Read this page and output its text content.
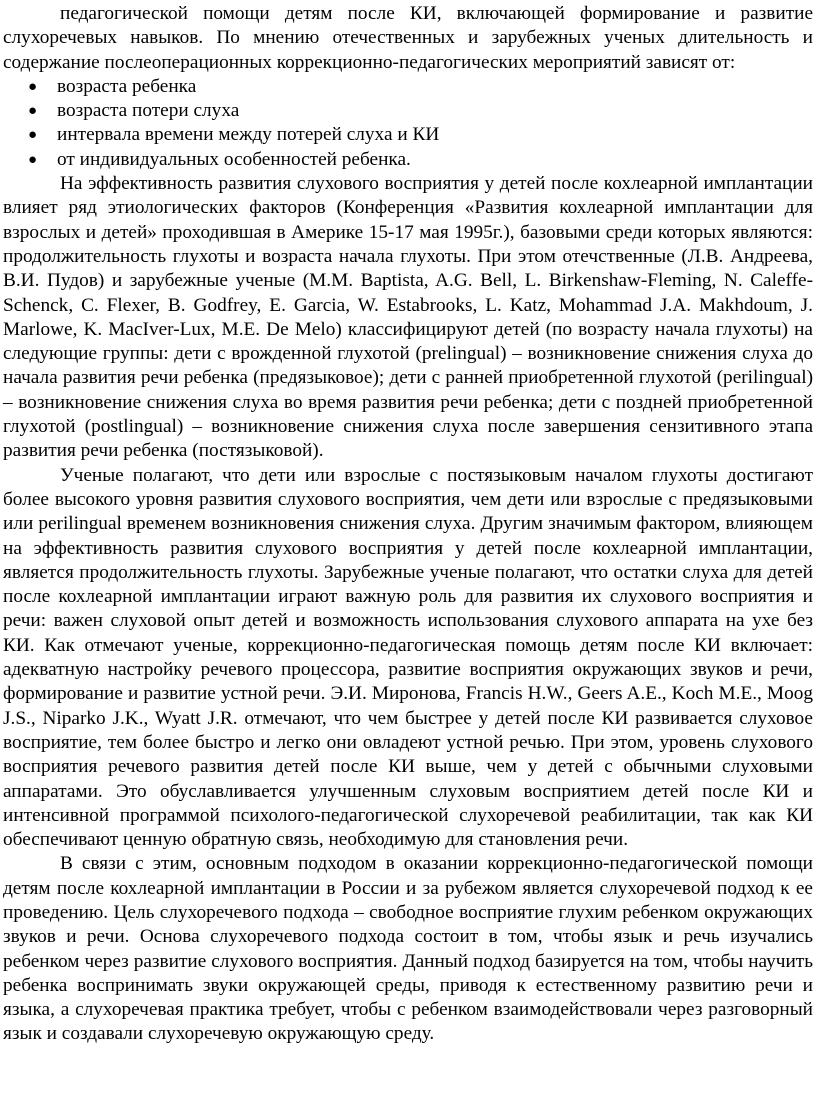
педагогической помощи детям после КИ, включающей формирование и развитие слухоречевых навыков. По мнению отечественных и зарубежных ученых длительность и содержание послеоперационных коррекционно-педагогических мероприятий зависят от:

● возраста ребенка
● возраста потери слуха
● интервала времени между потерей слуха и КИ
● от индивидуальных особенностей ребенка.

На эффективность развития слухового восприятия у детей после кохлеарной имплантации влияет ряд этиологических факторов (Конференция «Развития кохлеарной имплантации для взрослых и детей» проходившая в Америке 15-17 мая 1995г.), базовыми среди которых являются: продолжительность глухоты и возраста начала глухоты. При этом отечственные (Л.В. Андреева, В.И. Пудов) и зарубежные ученые (M.M. Baptista, A.G. Bell, L. Birkenshaw-Fleming, N. Caleffe-Schenck, C. Flexer, B. Godfrey, E. Garcia, W. Estabrooks, L. Katz, Mohammad J.A. Makhdoum, J. Marlowe, K. MacIver-Lux, M.E. De Melo) классифицируют детей (по возрасту начала глухоты) на следующие группы: дети с врожденной глухотой (prelingual) – возникновение снижения слуха до начала развития речи ребенка (предязыковое); дети с ранней приобретенной глухотой (perilingual) – возникновение снижения слуха во время развития речи ребенка; дети с поздней приобретенной глухотой (postlingual) – возникновение снижения слуха после завершения сензитивного этапа развития речи ребенка (постязыковой).

Ученые полагают, что дети или взрослые с постязыковым началом глухоты достигают более высокого уровня развития слухового восприятия, чем дети или взрослые с предязыковыми или perilingual временем возникновения снижения слуха. Другим значимым фактором, влияющем на эффективность развития слухового восприятия у детей после кохлеарной имплантации, является продолжительность глухоты. Зарубежные ученые полагают, что остатки слуха для детей после кохлеарной имплантации играют важную роль для развития их слухового восприятия и речи: важен слуховой опыт детей и возможность использования слухового аппарата на ухе без КИ. Как отмечают ученые, коррекционно-педагогическая помощь детям после КИ включает: адекватную настройку речевого процессора, развитие восприятия окружающих звуков и речи, формирование и развитие устной речи. Э.И. Миронова, Francis H.W., Geers A.E., Koch M.E., Moog J.S., Niparko J.K., Wyatt J.R. отмечают, что чем быстрее у детей после КИ развивается слуховое восприятие, тем более быстро и легко они овладеют устной речью. При этом, уровень слухового восприятия речевого развития детей после КИ выше, чем у детей с обычными слуховыми аппаратами. Это обуславливается улучшенным слуховым восприятием детей после КИ и интенсивной программой психолого-педагогической слухоречевой реабилитации, так как КИ обеспечивают ценную обратную связь, необходимую для становления речи.

В связи с этим, основным подходом в оказании коррекционно-педагогической помощи детям после кохлеарной имплантации в России и за рубежом является слухоречевой подход к ее проведению. Цель слухоречевого подхода – свободное восприятие глухим ребенком окружающих звуков и речи. Основа слухоречевого подхода состоит в том, чтобы язык и речь изучались ребенком через развитие слухового восприятия. Данный подход базируется на том, чтобы научить ребенка воспринимать звуки окружающей среды, приводя к естественному развитию речи и языка, а слухоречевая практика требует, чтобы с ребенком взаимодействовали через разговорный язык и создавали слухоречевую окружающую среду.
